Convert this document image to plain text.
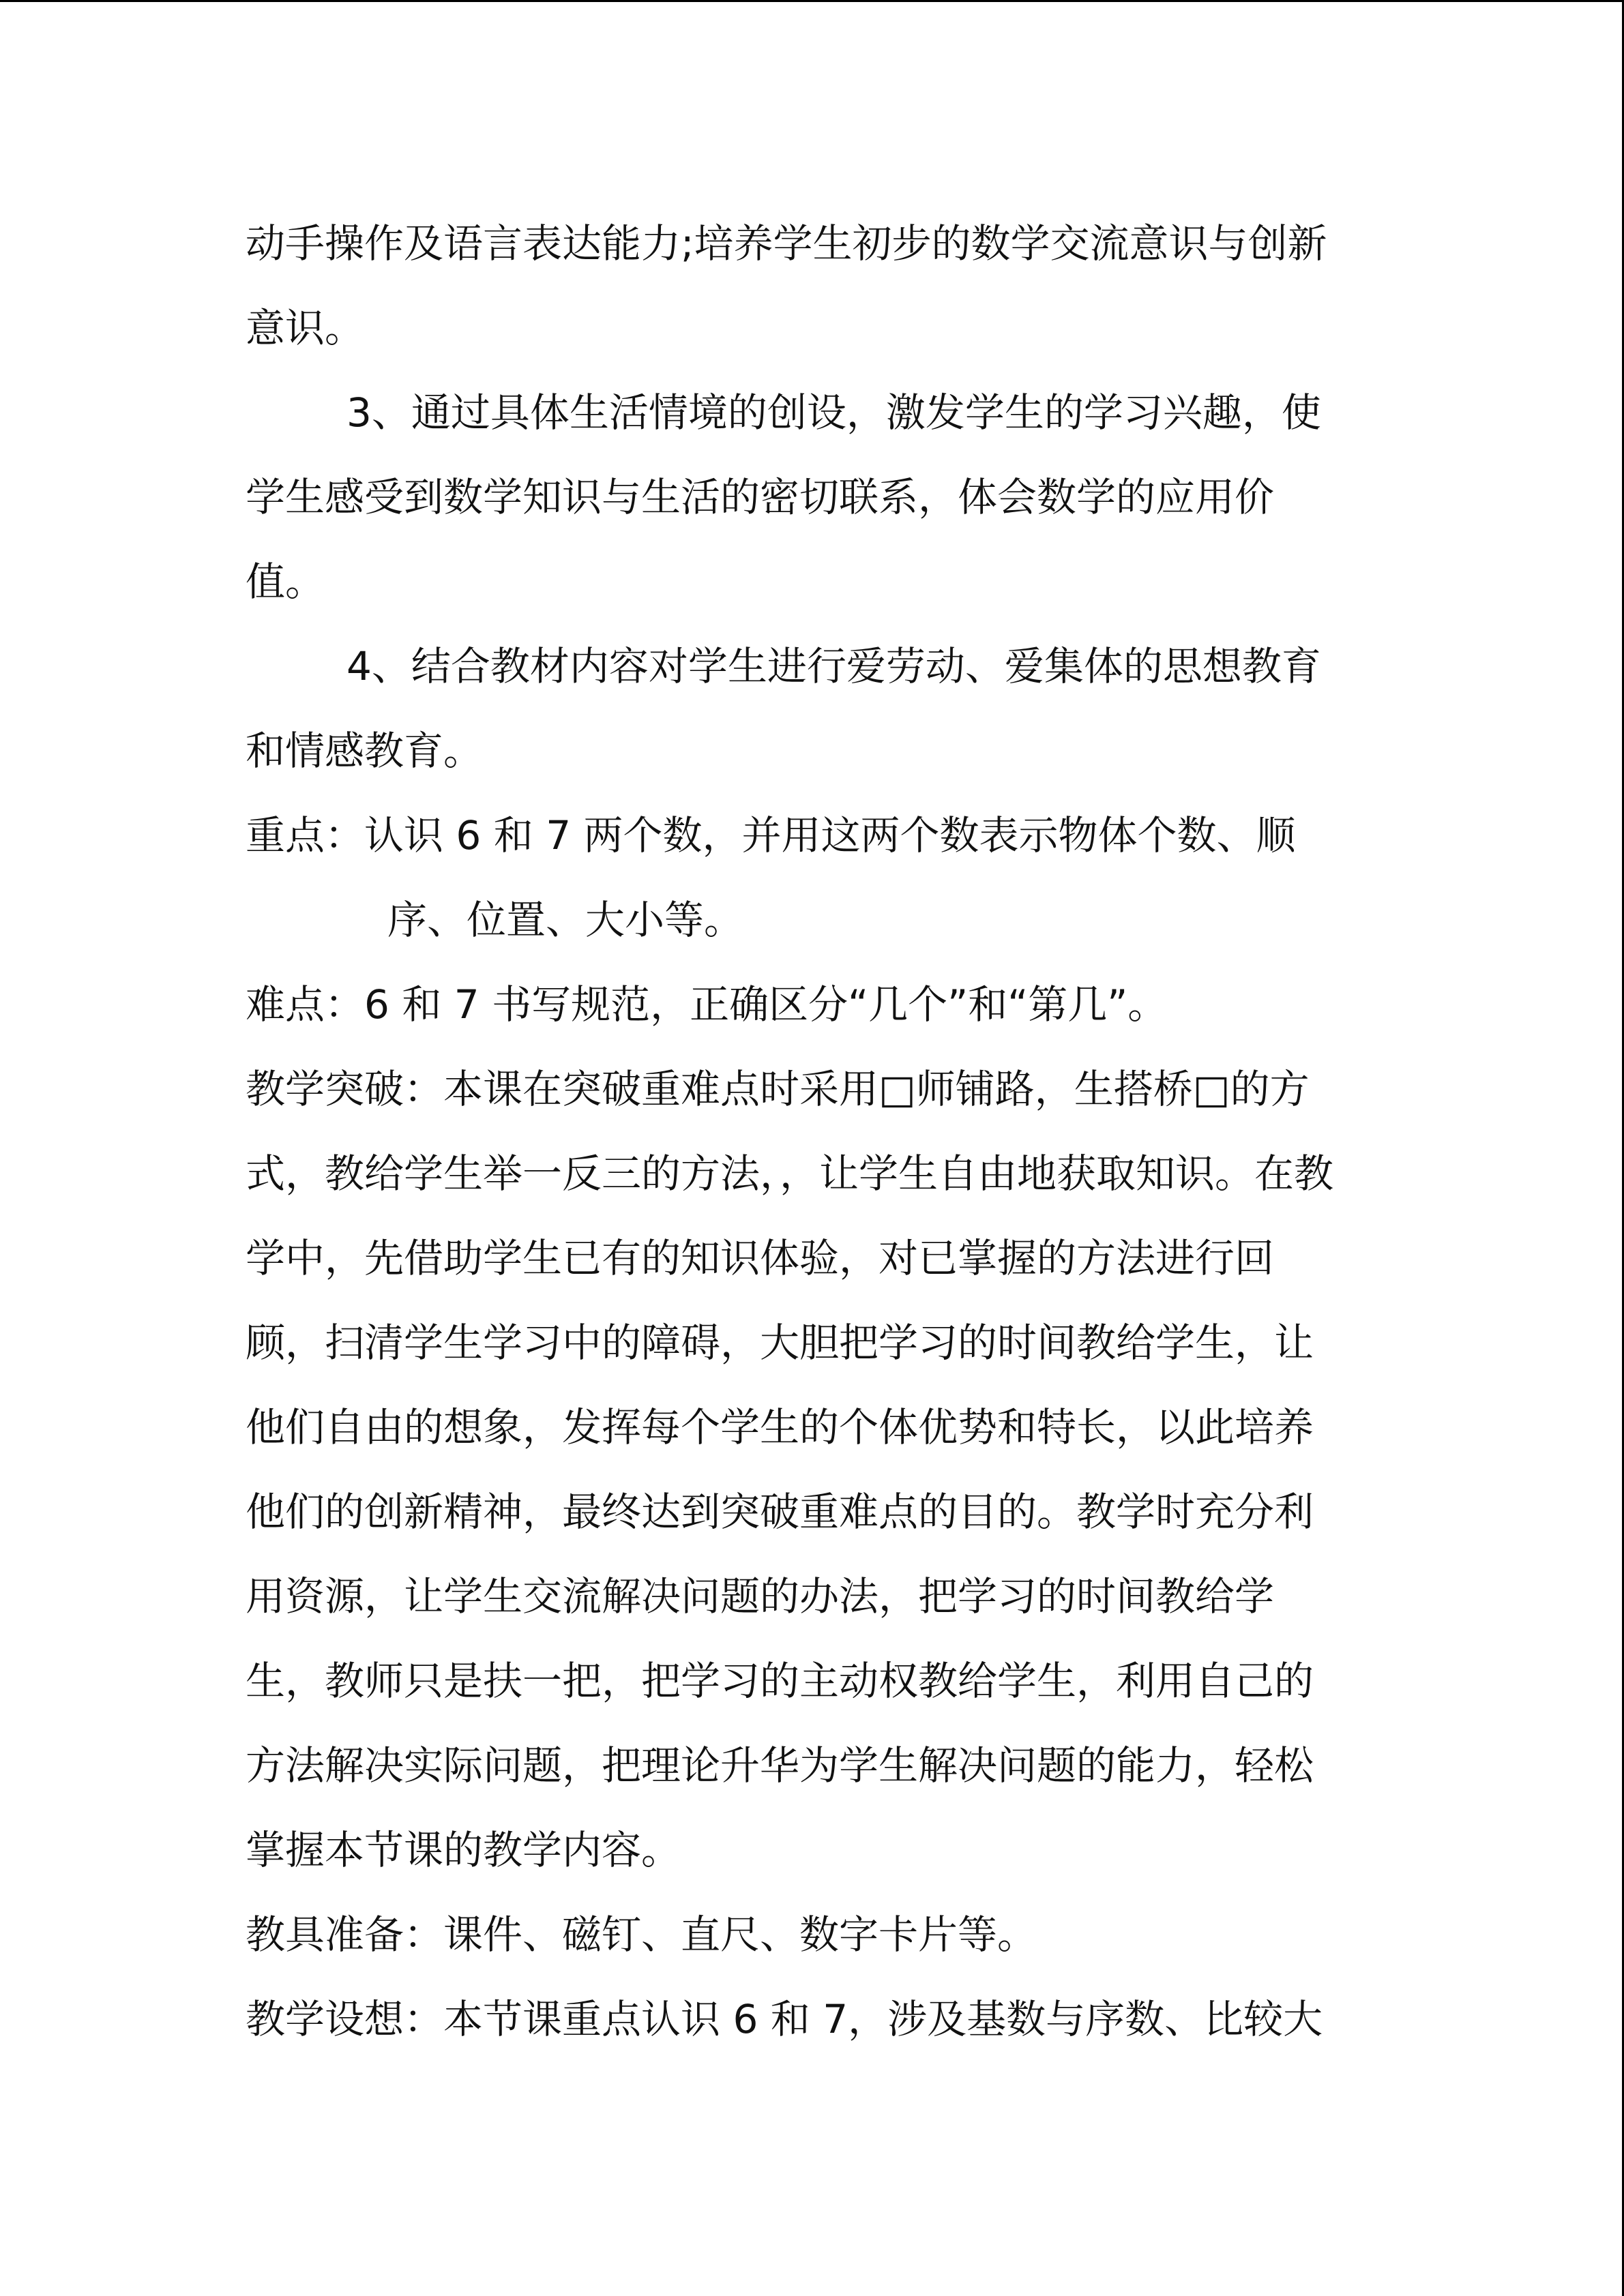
动手操作及语言表达能力;培养学生初步的数学交流意识与创新
意识。
3、通过具体生活情境的创设，激发学生的学习兴趣，使
学生感受到数学知识与生活的密切联系，体会数学的应用价
值。
4、结合教材内容对学生进行爱劳动、爱集体的思想教育
和情感教育。
重点：认识 6 和 7 两个数，并用这两个数表示物体个数、顺
序、位置、大小等。
难点：6 和 7 书写规范，正确区分“几个”和“第几”。
教学突破：本课在突破重难点时采用□师铺路，生搭桥□的方
式，教给学生举一反三的方法，，让学生自由地获取知识。在教
学中，先借助学生已有的知识体验，对已掌握的方法进行回
顾，扫清学生学习中的障碍，大胆把学习的时间教给学生，让
他们自由的想象，发挥每个学生的个体优势和特长，以此培养
他们的创新精神，最终达到突破重难点的目的。教学时充分利
用资源，让学生交流解决问题的办法，把学习的时间教给学
生，教师只是扶一把，把学习的主动权教给学生，利用自己的
方法解决实际问题，把理论升华为学生解决问题的能力，轻松
掌握本节课的教学内容。
教具准备：课件、磁钉、直尺、数字卡片等。
教学设想：本节课重点认识 6 和 7，涉及基数与序数、比较大
